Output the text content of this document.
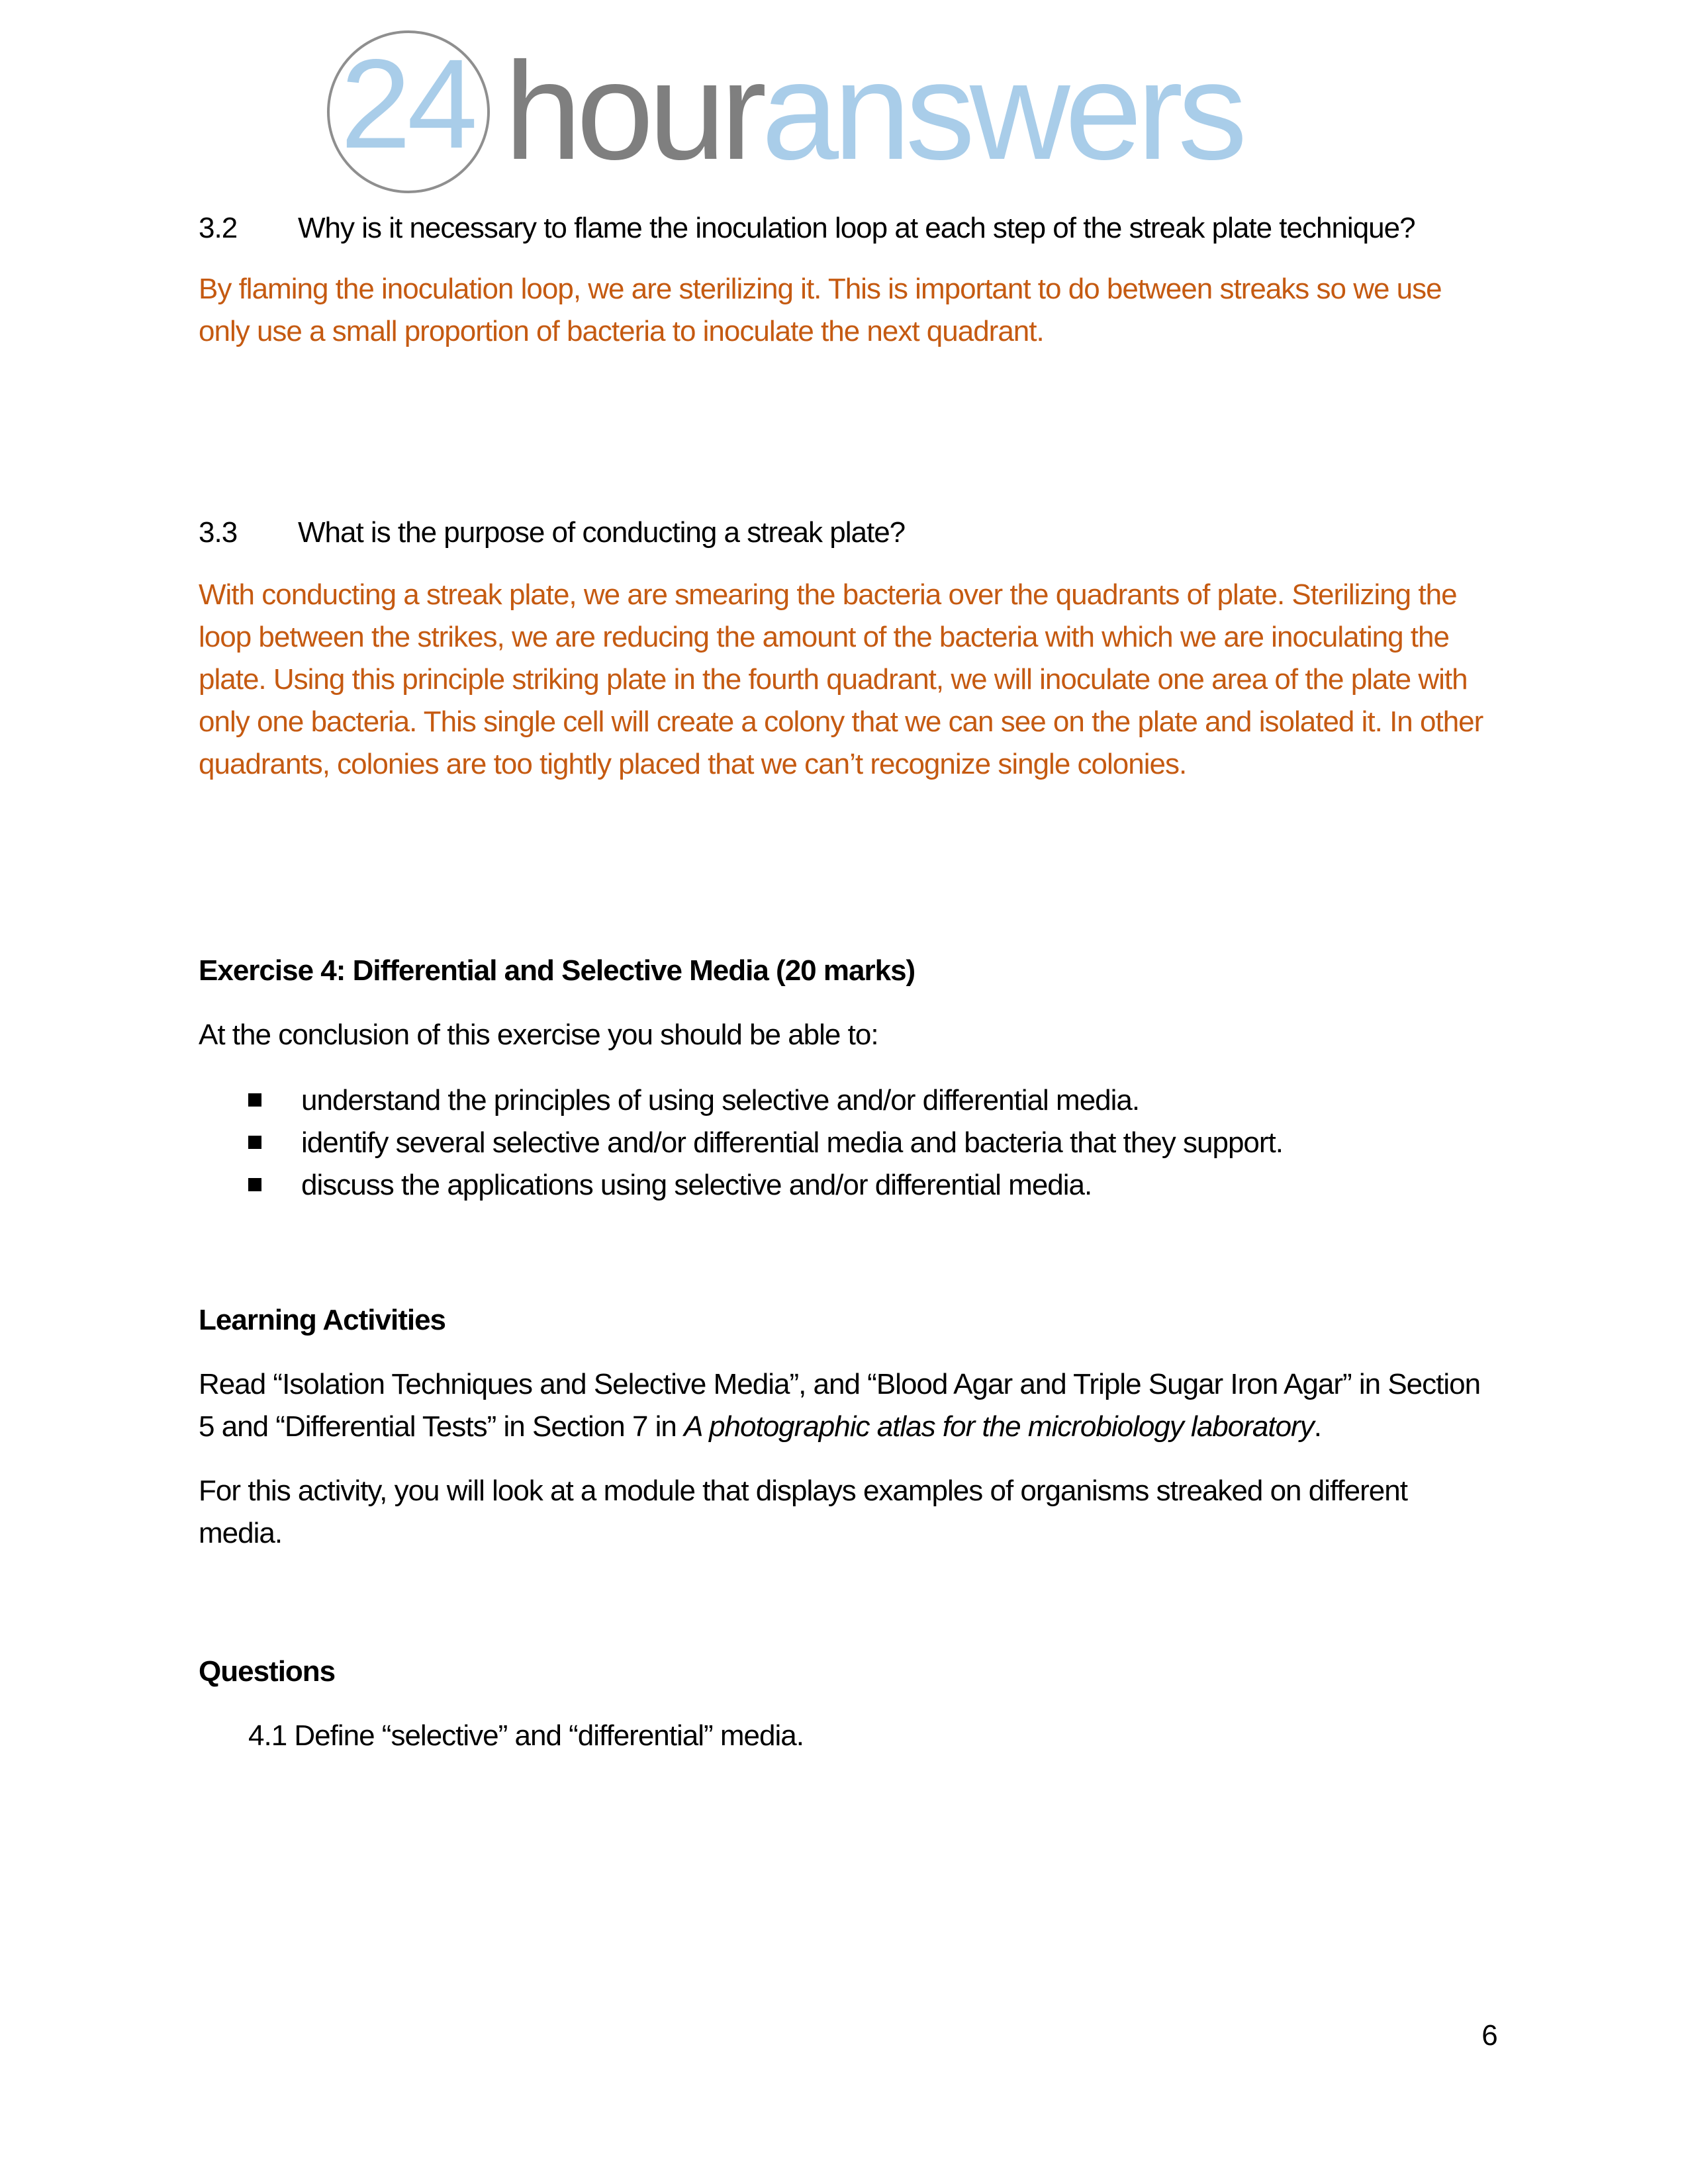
24 houranswers
3.2	Why is it necessary to flame the inoculation loop at each step of the streak plate technique?

By flaming the inoculation loop, we are sterilizing it. This is important to do between streaks so we use only use a small proportion of bacteria to inoculate the next quadrant.

3.3	What is the purpose of conducting a streak plate?

With conducting a streak plate, we are smearing the bacteria over the quadrants of plate. Sterilizing the loop between the strikes, we are reducing the amount of the bacteria with which we are inoculating the plate. Using this principle striking plate in the fourth quadrant, we will inoculate one area of the plate with only one bacteria. This single cell will create a colony that we can see on the plate and isolated it. In other quadrants, colonies are too tightly placed that we can’t recognize single colonies.

Exercise 4: Differential and Selective Media (20 marks)

At the conclusion of this exercise you should be able to:

understand the principles of using selective and/or differential media.
identify several selective and/or differential media and bacteria that they support.
discuss the applications using selective and/or differential media.
Learning Activities

Read “Isolation Techniques and Selective Media”, and “Blood Agar and Triple Sugar Iron Agar” in Section 5 and “Differential Tests” in Section 7 in A photographic atlas for the microbiology laboratory.

For this activity, you will look at a module that displays examples of organisms streaked on different media.

Questions

4.1 Define “selective” and “differential” media.

6
